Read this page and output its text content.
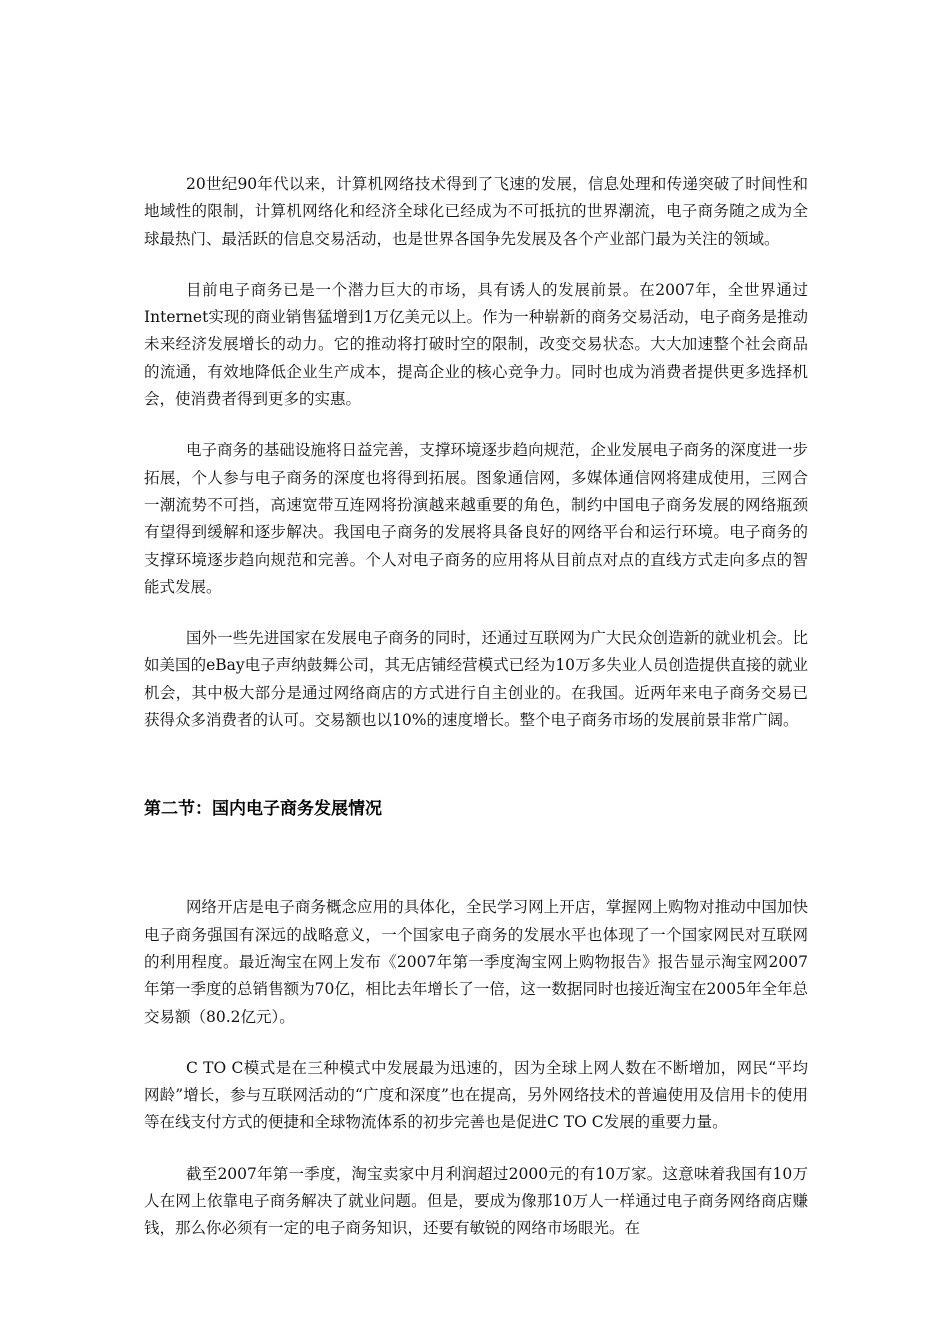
20世纪90年代以来，计算机网络技术得到了飞速的发展，信息处理和传递突破了时间性和地域性的限制，计算机网络化和经济全球化已经成为不可抵抗的世界潮流，电子商务随之成为全球最热门、最活跃的信息交易活动，也是世界各国争先发展及各个产业部门最为关注的领域。

目前电子商务已是一个潜力巨大的市场，具有诱人的发展前景。在2007年，全世界通过Internet实现的商业销售猛增到1万亿美元以上。作为一种崭新的商务交易活动，电子商务是推动未来经济发展增长的动力。它的推动将打破时空的限制，改变交易状态。大大加速整个社会商品的流通，有效地降低企业生产成本，提高企业的核心竞争力。同时也成为消费者提供更多选择机会，使消费者得到更多的实惠。

电子商务的基础设施将日益完善，支撑环境逐步趋向规范，企业发展电子商务的深度进一步拓展，个人参与电子商务的深度也将得到拓展。图象通信网，多媒体通信网将建成使用，三网合一潮流势不可挡，高速宽带互连网将扮演越来越重要的角色，制约中国电子商务发展的网络瓶颈有望得到缓解和逐步解决。我国电子商务的发展将具备良好的网络平台和运行环境。电子商务的支撑环境逐步趋向规范和完善。个人对电子商务的应用将从目前点对点的直线方式走向多点的智能式发展。

国外一些先进国家在发展电子商务的同时，还通过互联网为广大民众创造新的就业机会。比如美国的eBay电子声纳鼓舞公司，其无店铺经营模式已经为10万多失业人员创造提供直接的就业机会，其中极大部分是通过网络商店的方式进行自主创业的。在我国。近两年来电子商务交易已获得众多消费者的认可。交易额也以10%的速度增长。整个电子商务市场的发展前景非常广阔。

第二节：国内电子商务发展情况

网络开店是电子商务概念应用的具体化，全民学习网上开店，掌握网上购物对推动中国加快电子商务强国有深远的战略意义，一个国家电子商务的发展水平也体现了一个国家网民对互联网的利用程度。最近淘宝在网上发布《2007年第一季度淘宝网上购物报告》报告显示淘宝网2007年第一季度的总销售额为70亿，相比去年增长了一倍，这一数据同时也接近淘宝在2005年全年总交易额（80.2亿元）。

C TO C模式是在三种模式中发展最为迅速的，因为全球上网人数在不断增加，网民“平均网龄”增长，参与互联网活动的“广度和深度”也在提高，另外网络技术的普遍使用及信用卡的使用等在线支付方式的便捷和全球物流体系的初步完善也是促进C TO C发展的重要力量。

截至2007年第一季度，淘宝卖家中月利润超过2000元的有10万家。这意味着我国有10万人在网上依靠电子商务解决了就业问题。但是，要成为像那10万人一样通过电子商务网络商店赚钱，那么你必须有一定的电子商务知识，还要有敏锐的网络市场眼光。在
